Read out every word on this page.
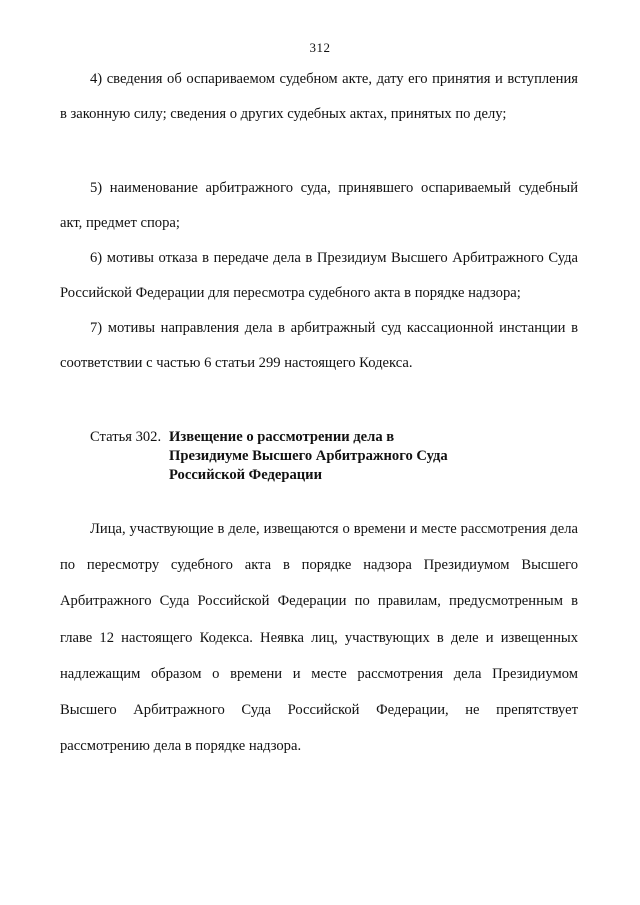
312

4) сведения об оспариваемом судебном акте, дату его принятия и вступления в законную силу; сведения о других судебных актах, принятых по делу;

5) наименование арбитражного суда, принявшего оспариваемый судебный акт, предмет спора;

6) мотивы отказа в передаче дела в Президиум Высшего Арбитражного Суда Российской Федерации для пересмотра судебного акта в порядке надзора;

7) мотивы направления дела в арбитражный суд кассационной инстанции в соответствии с частью 6 статьи 299 настоящего Кодекса.

Статья 302. Извещение о рассмотрении дела в Президиуме Высшего Арбитражного Суда Российской Федерации

Лица, участвующие в деле, извещаются о времени и месте рассмотрения дела по пересмотру судебного акта в порядке надзора Президиумом Высшего Арбитражного Суда Российской Федерации по правилам, предусмотренным в главе 12 настоящего Кодекса. Неявка лиц, участвующих в деле и извещенных надлежащим образом о времени и месте рассмотрения дела Президиумом Высшего Арбитражного Суда Российской Федерации, не препятствует рассмотрению дела в порядке надзора.
